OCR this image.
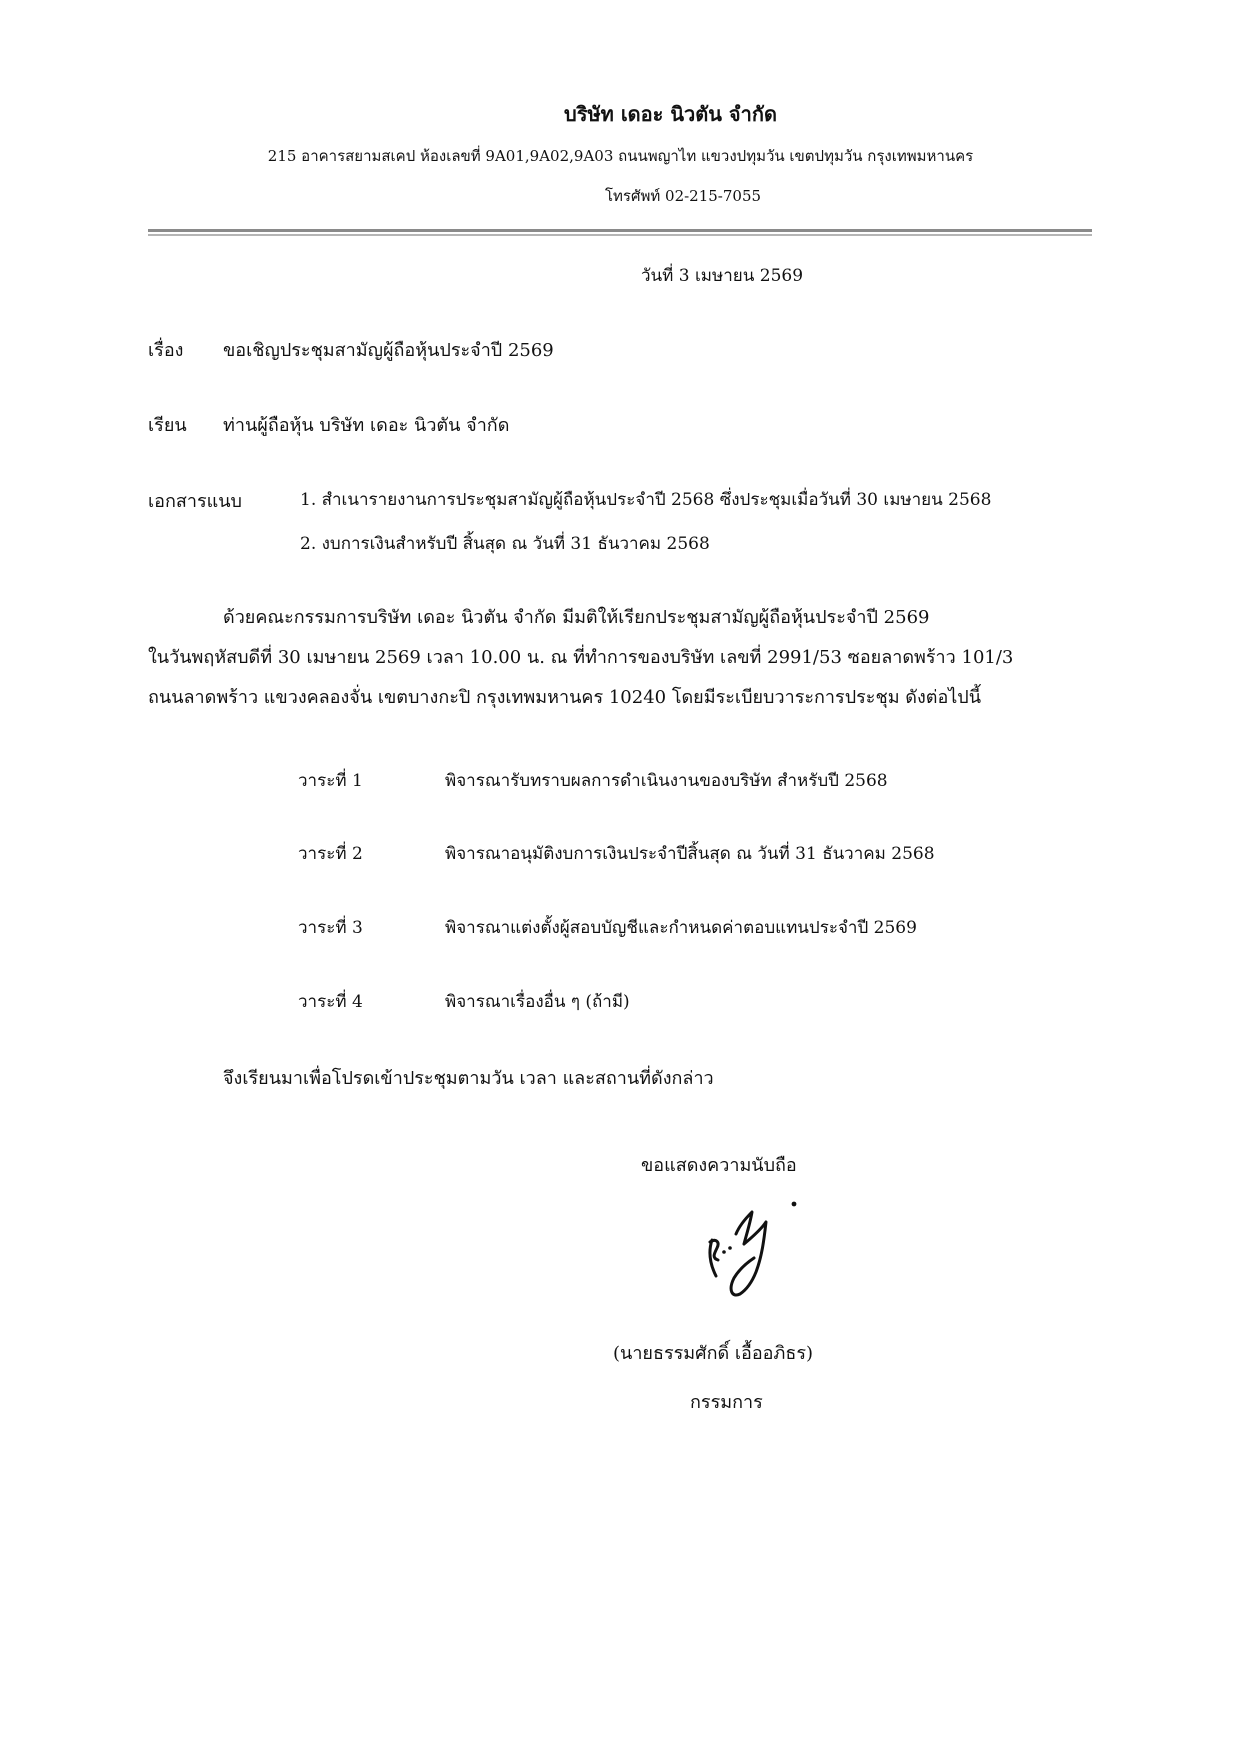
บริษัท เดอะ นิวตัน จำกัด
215 อาคารสยามสเคป ห้องเลขที่ 9A01,9A02,9A03 ถนนพญาไท แขวงปทุมวัน เขตปทุมวัน กรุงเทพมหานคร
โทรศัพท์ 02-215-7055
วันที่ 3 เมษายน 2569
เรื่อง ขอเชิญประชุมสามัญผู้ถือหุ้นประจำปี 2569
เรียน ท่านผู้ถือหุ้น บริษัท เดอะ นิวตัน จำกัด
เอกสารแนบ	1. สำเนารายงานการประชุมสามัญผู้ถือหุ้นประจำปี 2568 ซึ่งประชุมเมื่อวันที่ 30 เมษายน 2568
2. งบการเงินสำหรับปี สิ้นสุด ณ วันที่ 31 ธันวาคม 2568
ด้วยคณะกรรมการบริษัท เดอะ นิวตัน จำกัด มีมติให้เรียกประชุมสามัญผู้ถือหุ้นประจำปี 2569
ในวันพฤหัสบดีที่ 30 เมษายน 2569 เวลา 10.00 น. ณ ที่ทำการของบริษัท เลขที่ 2991/53 ซอยลาดพร้าว 101/3
ถนนลาดพร้าว แขวงคลองจั่น เขตบางกะปิ กรุงเทพมหานคร 10240 โดยมีระเบียบวาระการประชุม ดังต่อไปนี้
วาระที่ 1	พิจารณารับทราบผลการดำเนินงานของบริษัท สำหรับปี 2568
วาระที่ 2	พิจารณาอนุมัติงบการเงินประจำปีสิ้นสุด ณ วันที่ 31 ธันวาคม 2568
วาระที่ 3	พิจารณาแต่งตั้งผู้สอบบัญชีและกำหนดค่าตอบแทนประจำปี 2569
วาระที่ 4	พิจารณาเรื่องอื่น ๆ (ถ้ามี)
จึงเรียนมาเพื่อโปรดเข้าประชุมตามวัน เวลา และสถานที่ดังกล่าว
ขอแสดงความนับถือ
(นายธรรมศักดิ์ เอื้ออภิธร)
กรรมการ
